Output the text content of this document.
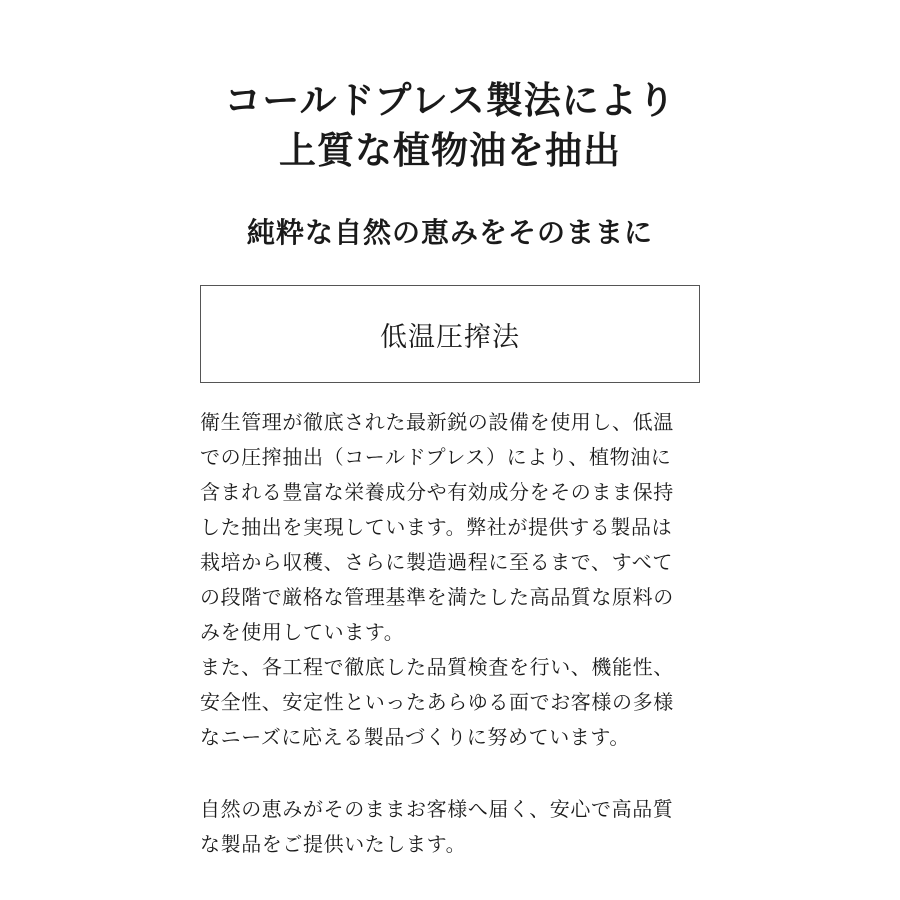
コールドプレス製法により
上質な植物油を抽出
純粋な自然の恵みをそのままに
低温圧搾法
衛生管理が徹底された最新鋭の設備を使用し、低温
での圧搾抽出（コールドプレス）により、植物油に
含まれる豊富な栄養成分や有効成分をそのまま保持
した抽出を実現しています。弊社が提供する製品は
栽培から収穫、さらに製造過程に至るまで、すべて
の段階で厳格な管理基準を満たした高品質な原料の
みを使用しています。
また、各工程で徹底した品質検査を行い、機能性、
安全性、安定性といったあらゆる面でお客様の多様
なニーズに応える製品づくりに努めています。
自然の恵みがそのままお客様へ届く、安心で高品質
な製品をご提供いたします。
